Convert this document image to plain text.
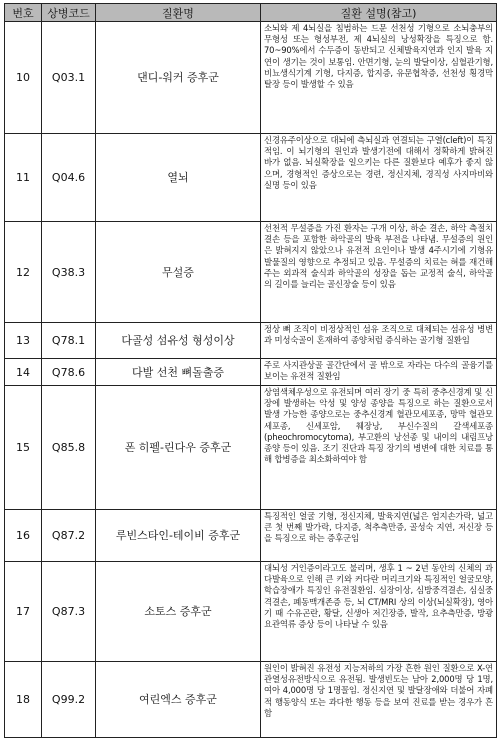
번호	상병코드	질환명	질환 설명(참고)
10	Q03.1	댄디-워커 증후군	소뇌와 제 4뇌실을 침범하는 드문 선천성 기형으로 소뇌충부의 무형성 또는 형성부전, 제 4뇌실의 낭성확장을 특징으로 함. 70~90%에서 수두증이 동반되고 신체발육지연과 인지 발육 지연이 생기는 것이 보통임. 안면기형, 눈의 발달이상, 심혈관기형, 비뇨생식기계 기형, 다지증, 합지증, 유문협착증, 선천성 횡경막 탈장 등이 발생할 수 있음
11	Q04.6	열뇌	신경유주이상으로 대뇌에 측뇌실과 연결되는 구열(cleft)이 특징적임. 이 뇌기형의 원인과 발생기전에 대해서 정확하게 밝혀진 바가 없음. 뇌실확장을 일으키는 다른 질환보다 예후가 좋지 않으며, 경형적인 증상으로는 경련, 정신지체, 경직성 사지마비와 실명 등이 있음
12	Q38.3	무설증	선천적 무설증을 가진 환자는 구개 이상, 하순 결손, 하악 측절치 결손 등을 포함한 하악골의 발육 부전을 나타냄. 무설증의 원인은 밝혀지지 않았으나 유전적 요인이나 발생 4주시기에 기형유발물질의 영향으로 추정되고 있음. 무설증의 치료는 혀를 재건해주는 외과적 술식과 하악골의 성장을 돕는 교정적 술식, 하악골의 길이를 늘리는 골신장술 등이 있음
13	Q78.1	다골성 섬유성 형성이상	정상 뼈 조직이 비정상적인 섬유 조직으로 대체되는 섬유성 병변과 미성숙골이 혼재하여 종양처럼 증식하는 골기형 질환임
14	Q78.6	다발 선천 뼈돌출증	주로 사지관상골 골간단에서 골 밖으로 자라는 다수의 골융기를 보이는 유전적 질환임
15	Q85.8	폰 히펠-린다우 증후군	상염색체우성으로 유전되며 여러 장기 중 특히 중추신경계 및 신장에 발생하는 악성 및 양성 종양을 특징으로 하는 질환으로서 발생 가능한 종양으로는 중추신경계 혈관모세포종, 망막 혈관모세포종, 신세포암, 췌장낭, 부신수질의 갈색세포종(pheochromocytoma), 부고환의 낭선종 및 내이의 내림프낭 종양 등이 있음. 조기 진단과 특징 장기의 병변에 대한 치료를 통해 합병증을 최소화하여야 함
16	Q87.2	루빈스타인-테이비 증후군	특징적인 얼굴 기형, 정신지체, 발육지연(넓은 엄지손가락, 넓고 큰 첫 번째 발가락, 다지증, 척추측만증, 골성숙 지연, 저신장 등을 특징으로 하는 증후군임
17	Q87.3	소토스 증후군	대뇌성 거인증이라고도 불리며, 생후 1 ~ 2년 동안의 신체의 과다발육으로 인해 큰 키와 커다란 머리크기와 특징적인 얼굴모양, 학습장애가 특징인 유전질환임. 심장이상, 심방중격결손, 심실중격결손, 폐동맥개존증 등, 뇌 CT/MRI 상의 이상(뇌실확장), 영아기 때 수유곤란, 황달, 신생아 저긴장증, 발작, 요추측만증, 방광요관역류 증상 등이 나타날 수 있음
18	Q99.2	여린엑스 증후군	원인이 밝혀진 유전성 지능저하의 가장 흔한 원인 질환으로 X-연관열성유전방식으로 유전됨. 발생빈도는 남아 2,000명 당 1명, 여아 4,000명 당 1명꼴임. 정신지연 및 발달장애와 더불어 자폐적 행동양식 또는 과다한 행동 등을 보여 진료를 받는 경우가 흔함
